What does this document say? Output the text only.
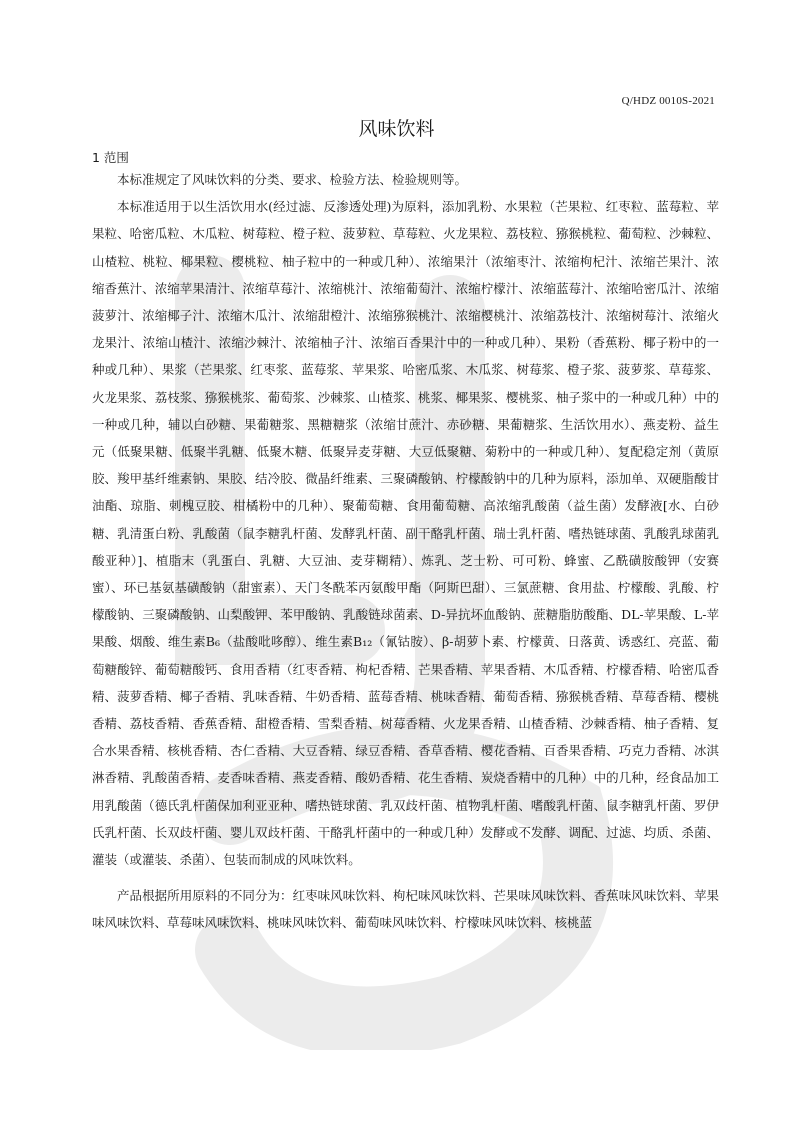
Q/HDZ 0010S-2021
风味饮料
1 范围

本标准规定了风味饮料的分类、要求、检验方法、检验规则等。

本标准适用于以生活饮用水(经过滤、反渗透处理)为原料，添加乳粉、水果粒（芒果粒、红枣粒、蓝莓粒、苹果粒、哈密瓜粒、木瓜粒、树莓粒、橙子粒、菠萝粒、草莓粒、火龙果粒、荔枝粒、猕猴桃粒、葡萄粒、沙棘粒、山楂粒、桃粒、椰果粒、樱桃粒、柚子粒中的一种或几种）、浓缩果汁（浓缩枣汁、浓缩枸杞汁、浓缩芒果汁、浓缩香蕉汁、浓缩苹果清汁、浓缩草莓汁、浓缩桃汁、浓缩葡萄汁、浓缩柠檬汁、浓缩蓝莓汁、浓缩哈密瓜汁、浓缩菠萝汁、浓缩椰子汁、浓缩木瓜汁、浓缩甜橙汁、浓缩猕猴桃汁、浓缩樱桃汁、浓缩荔枝汁、浓缩树莓汁、浓缩火龙果汁、浓缩山楂汁、浓缩沙棘汁、浓缩柚子汁、浓缩百香果汁中的一种或几种）、果粉（香蕉粉、椰子粉中的一种或几种）、果浆（芒果浆、红枣浆、蓝莓浆、苹果浆、哈密瓜浆、木瓜浆、树莓浆、橙子浆、菠萝浆、草莓浆、火龙果浆、荔枝浆、猕猴桃浆、葡萄浆、沙棘浆、山楂浆、桃浆、椰果浆、樱桃浆、柚子浆中的一种或几种）中的一种或几种，辅以白砂糖、果葡糖浆、黑糖糖浆（浓缩甘蔗汁、赤砂糖、果葡糖浆、生活饮用水）、燕麦粉、益生元（低聚果糖、低聚半乳糖、低聚木糖、低聚异麦芽糖、大豆低聚糖、菊粉中的一种或几种）、复配稳定剂（黄原胶、羧甲基纤维素钠、果胶、结冷胶、微晶纤维素、三聚磷酸钠、柠檬酸钠中的几种为原料，添加单、双硬脂酸甘油酯、琼脂、刺槐豆胶、柑橘粉中的几种）、聚葡萄糖、食用葡萄糖、高浓缩乳酸菌（益生菌）发酵液[水、白砂糖、乳清蛋白粉、乳酸菌（鼠李糖乳杆菌、发酵乳杆菌、副干酪乳杆菌、瑞士乳杆菌、嗜热链球菌、乳酸乳球菌乳酸亚种）]、植脂末（乳蛋白、乳糖、大豆油、麦芽糊精）、炼乳、芝士粉、可可粉、蜂蜜、乙酰磺胺酸钾（安赛蜜）、环已基氨基磺酸钠（甜蜜素）、天门冬酰苯丙氨酸甲酯（阿斯巴甜）、三氯蔗糖、食用盐、柠檬酸、乳酸、柠檬酸钠、三聚磷酸钠、山梨酸钾、苯甲酸钠、乳酸链球菌素、D-异抗坏血酸钠、蔗糖脂肪酸酯、DL-苹果酸、L-苹果酸、烟酸、维生素B₆（盐酸吡哆醇）、维生素B₁₂（氰钴胺）、β-胡萝卜素、柠檬黄、日落黄、诱惑红、亮蓝、葡萄糖酸锌、葡萄糖酸钙、食用香精（红枣香精、枸杞香精、芒果香精、苹果香精、木瓜香精、柠檬香精、哈密瓜香精、菠萝香精、椰子香精、乳味香精、牛奶香精、蓝莓香精、桃味香精、葡萄香精、猕猴桃香精、草莓香精、樱桃香精、荔枝香精、香蕉香精、甜橙香精、雪梨香精、树莓香精、火龙果香精、山楂香精、沙棘香精、柚子香精、复合水果香精、核桃香精、杏仁香精、大豆香精、绿豆香精、香草香精、樱花香精、百香果香精、巧克力香精、冰淇淋香精、乳酸菌香精、麦香味香精、燕麦香精、酸奶香精、花生香精、炭烧香精中的几种）中的几种，经食品加工用乳酸菌（德氏乳杆菌保加利亚亚种、嗜热链球菌、乳双歧杆菌、植物乳杆菌、嗜酸乳杆菌、鼠李糖乳杆菌、罗伊氏乳杆菌、长双歧杆菌、婴儿双歧杆菌、干酪乳杆菌中的一种或几种）发酵或不发酵、调配、过滤、均质、杀菌、灌装（或灌装、杀菌）、包装而制成的风味饮料。

产品根据所用原料的不同分为：红枣味风味饮料、枸杞味风味饮料、芒果味风味饮料、香蕉味风味饮料、苹果味风味饮料、草莓味风味饮料、桃味风味饮料、葡萄味风味饮料、柠檬味风味饮料、核桃蓝
